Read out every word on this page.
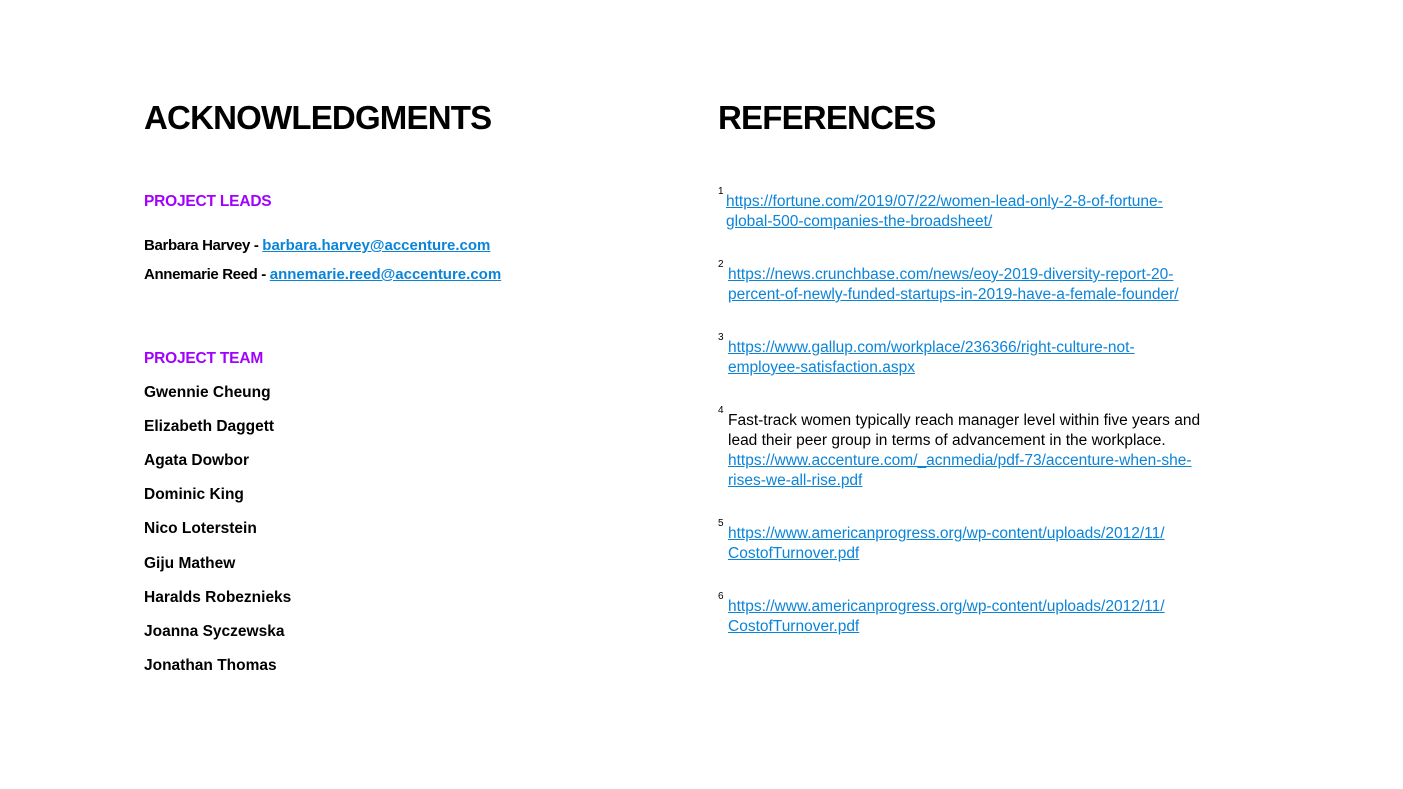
ACKNOWLEDGMENTS
PROJECT LEADS
Barbara Harvey - barbara.harvey@accenture.com
Annemarie Reed - annemarie.reed@accenture.com
PROJECT TEAM
Gwennie Cheung
Elizabeth Daggett
Agata Dowbor
Dominic King
Nico Loterstein
Giju Mathew
Haralds Robeznieks
Joanna Syczewska
Jonathan Thomas
REFERENCES
1
https://fortune.com/2019/07/22/women-lead-only-2-8-of-fortune-
global-500-companies-the-broadsheet/
2
https://news.crunchbase.com/news/eoy-2019-diversity-report-20-
percent-of-newly-funded-startups-in-2019-have-a-female-founder/
3
https://www.gallup.com/workplace/236366/right-culture-not-
employee-satisfaction.aspx
4
Fast-track women typically reach manager level within five years and
lead their peer group in terms of advancement in the workplace.
https://www.accenture.com/_acnmedia/pdf-73/accenture-when-she-
rises-we-all-rise.pdf
5
https://www.americanprogress.org/wp-content/uploads/2012/11/
CostofTurnover.pdf
6
https://www.americanprogress.org/wp-content/uploads/2012/11/
CostofTurnover.pdf
